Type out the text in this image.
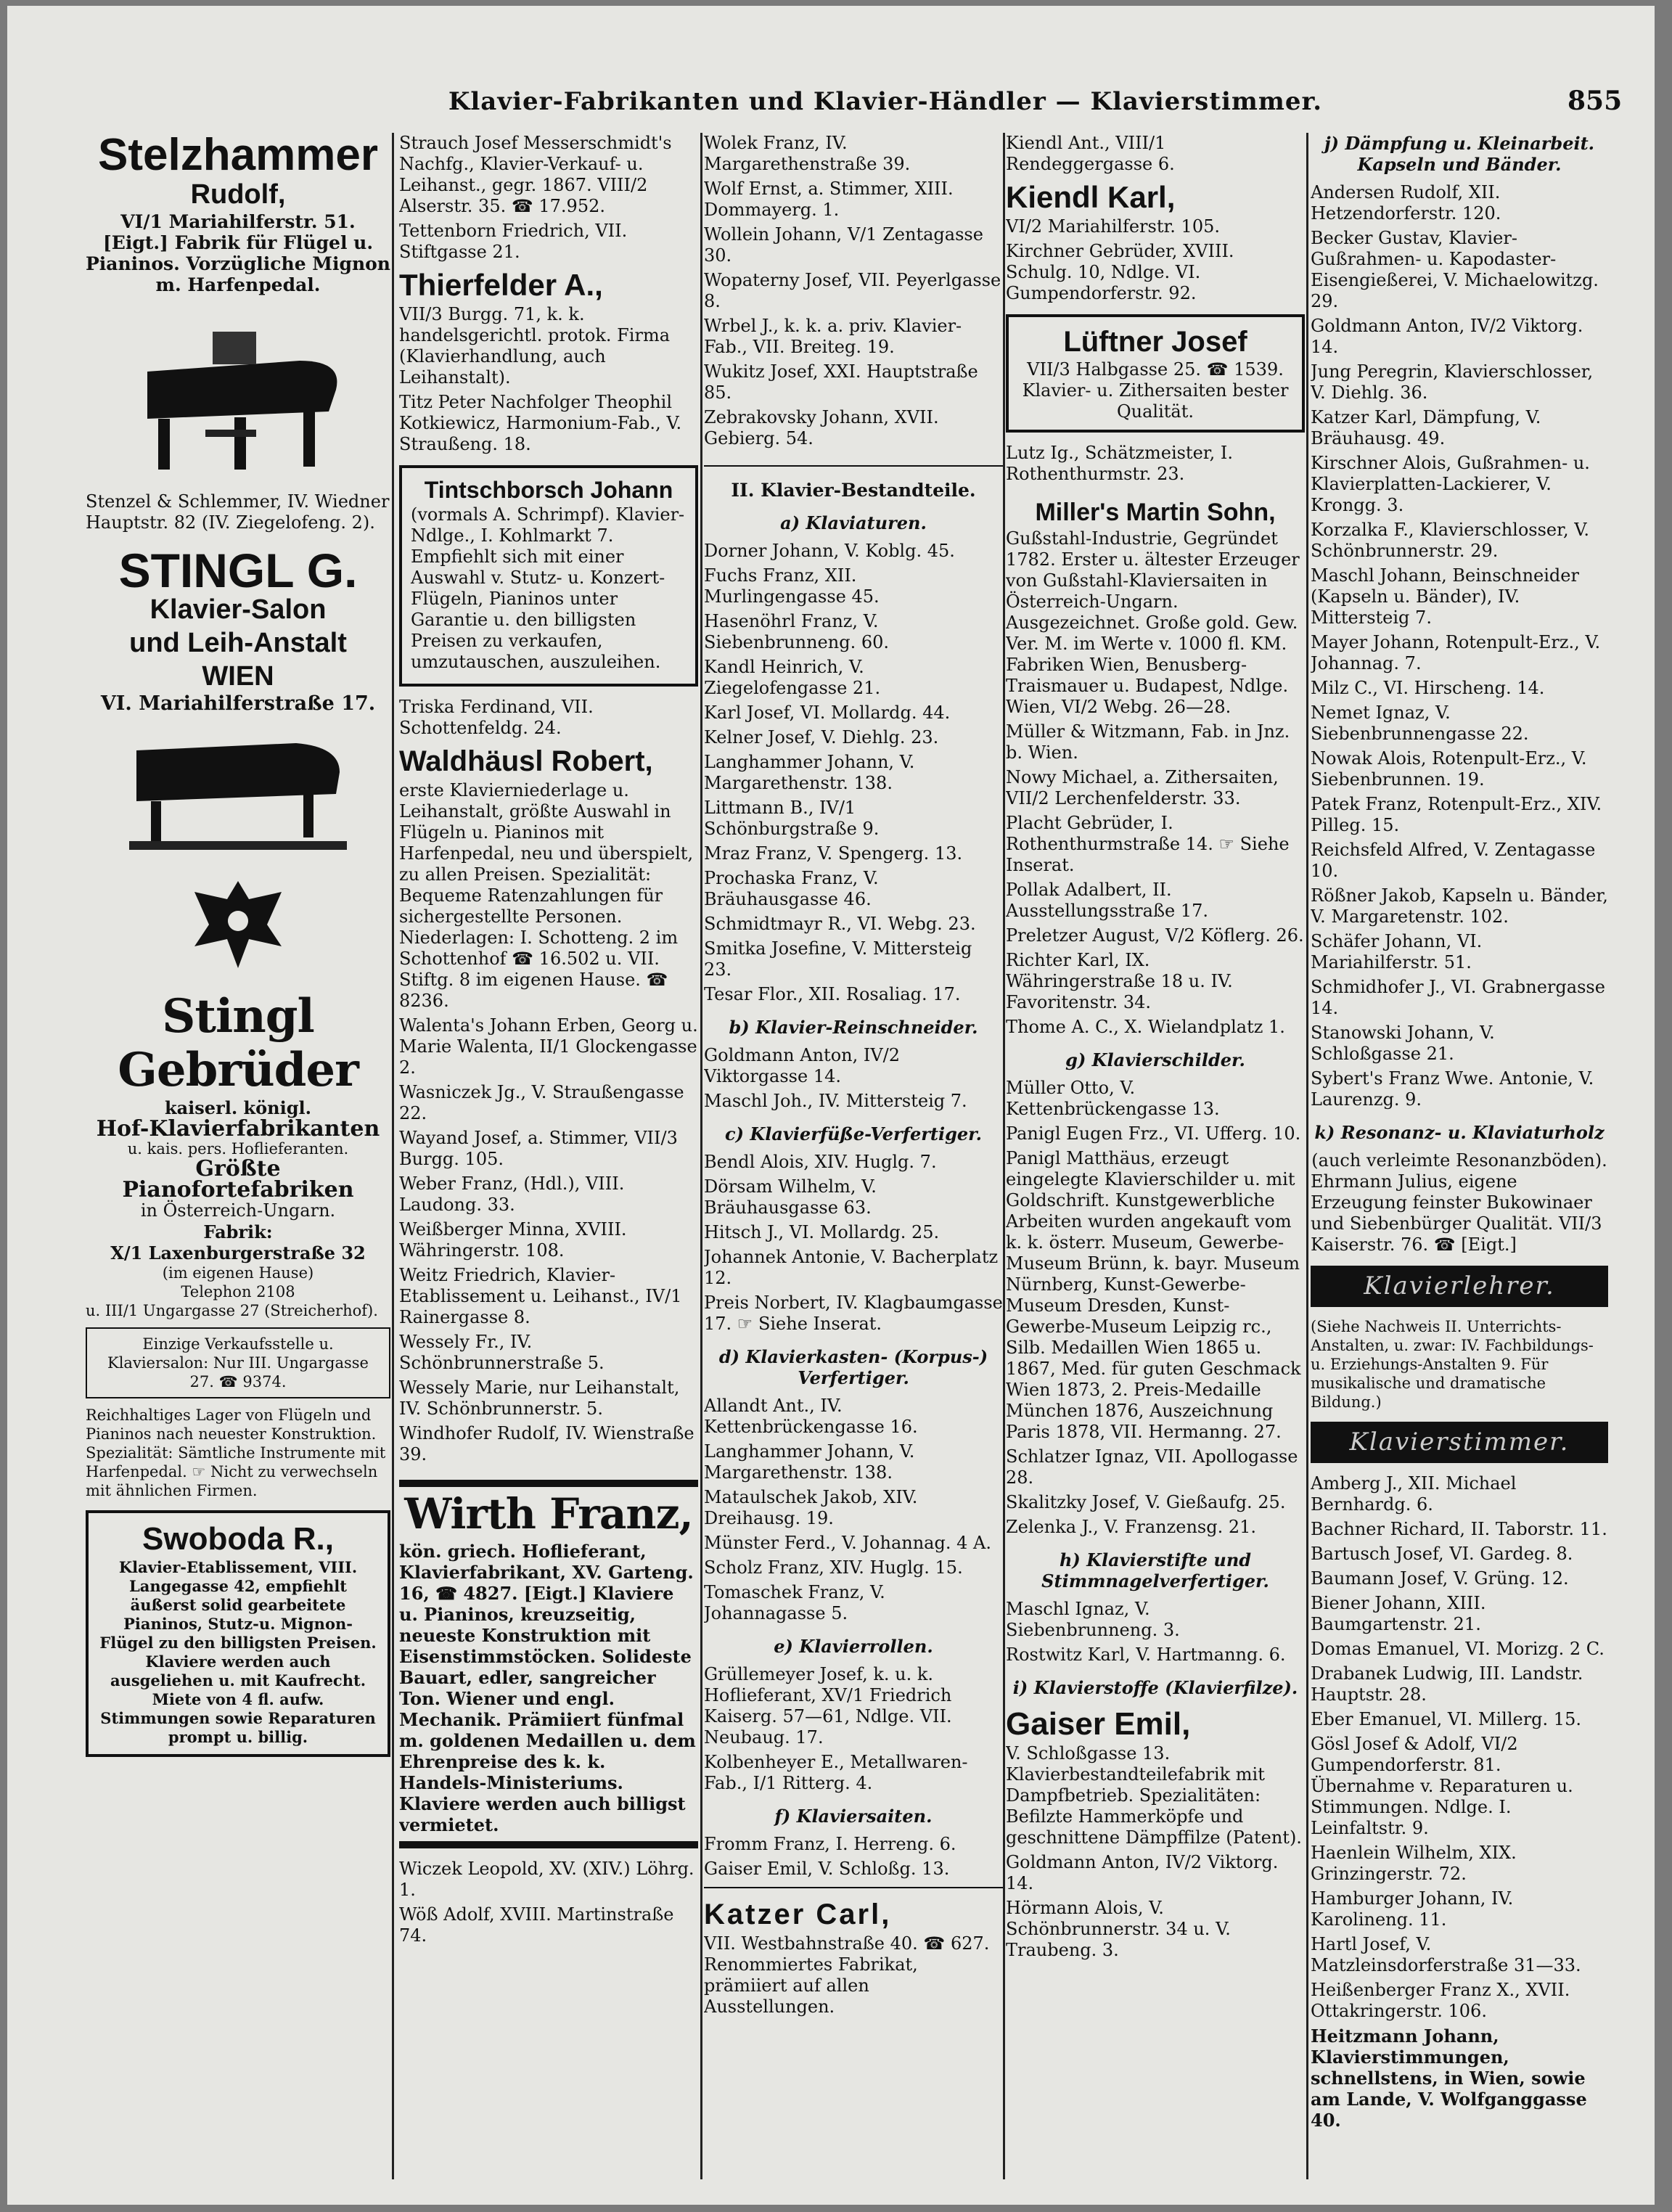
Klavier-Fabrikanten und Klavier-Händler — Klavierstimmer.	855
Stelzhammer
Rudolf,
VI/1 Mariahilferstr. 51. [Eigt.] Fabrik für Flügel u. Pianinos. Vorzügliche Mignon m. Harfenpedal.
Stenzel & Schlemmer, IV. Wiedner Hauptstr. 82 (IV. Ziegelofeng. 2).
STINGL G.
Klavier-Salon
und Leih-Anstalt
WIEN
VI. Mariahilferstraße 17.
Stingl Gebrüder
kaiserl. königl.
Hof-Klavierfabrikanten
u. kais. pers. Hoflieferanten.
Größte Pianofortefabriken
in Österreich-Ungarn.
Fabrik:
X/1 Laxenburgerstraße 32
(im eigenen Hause)
Telephon 2108
u. III/1 Ungargasse 27 (Streicherhof).
Einzige Verkaufsstelle u. Klaviersalon: Nur III. Ungargasse 27. ☎ 9374.
Reichhaltiges Lager von Flügeln und Pianinos nach neuester Konstruktion. Spezialität: Sämtliche Instrumente mit Harfenpedal. ☞ Nicht zu verwechseln mit ähnlichen Firmen.
Swoboda R.,
Klavier-Etablissement, VIII. Langegasse 42, empfiehlt äußerst solid gearbeitete Pianinos, Stutz-u. Mignon-Flügel zu den billigsten Preisen. Klaviere werden auch ausgeliehen u. mit Kaufrecht. Miete von 4 fl. aufw. Stimmungen sowie Reparaturen prompt u. billig.
Strauch Josef Messerschmidt's Nachfg., Klavier-Verkauf- u. Leihanst., gegr. 1867. VIII/2 Alserstr. 35. ☎ 17.952.
Tettenborn Friedrich, VII. Stiftgasse 21.
Thierfelder A.,
VII/3 Burgg. 71, k. k. handelsgerichtl. protok. Firma (Klavierhandlung, auch Leihanstalt).
Titz Peter Nachfolger Theophil Kotkiewicz, Harmonium-Fab., V. Straußeng. 18.
Tintschborsch Johann
(vormals A. Schrimpf). Klavier-Ndlge., I. Kohlmarkt 7. Empfiehlt sich mit einer Auswahl v. Stutz- u. Konzert-Flügeln, Pianinos unter Garantie u. den billigsten Preisen zu verkaufen, umzutauschen, auszuleihen.
Triska Ferdinand, VII. Schottenfeldg. 24.
Waldhäusl Robert,
erste Klavierniederlage u. Leihanstalt, größte Auswahl in Flügeln u. Pianinos mit Harfenpedal, neu und überspielt, zu allen Preisen. Spezialität: Bequeme Ratenzahlungen für sichergestellte Personen. Niederlagen: I. Schotteng. 2 im Schottenhof ☎ 16.502 u. VII. Stiftg. 8 im eigenen Hause. ☎ 8236.
Walenta's Johann Erben, Georg u. Marie Walenta, II/1 Glockengasse 2.
Wasniczek Jg., V. Straußengasse 22.
Wayand Josef, a. Stimmer, VII/3 Burgg. 105.
Weber Franz, (Hdl.), VIII. Laudong. 33.
Weißberger Minna, XVIII. Währingerstr. 108.
Weitz Friedrich, Klavier-Etablissement u. Leihanst., IV/1 Rainergasse 8.
Wessely Fr., IV. Schönbrunnerstraße 5.
Wessely Marie, nur Leihanstalt, IV. Schönbrunnerstr. 5.
Windhofer Rudolf, IV. Wienstraße 39.
Wirth Franz,
kön. griech. Hoflieferant, Klavierfabrikant, XV. Garteng. 16, ☎ 4827. [Eigt.] Klaviere u. Pianinos, kreuzseitig, neueste Konstruktion mit Eisenstimmstöcken. Solideste Bauart, edler, sangreicher Ton. Wiener und engl. Mechanik. Prämiiert fünfmal m. goldenen Medaillen u. dem Ehrenpreise des k. k. Handels-Ministeriums. Klaviere werden auch billigst vermietet.
Wiczek Leopold, XV. (XIV.) Löhrg. 1.
Wöß Adolf, XVIII. Martinstraße 74.
Wolek Franz, IV. Margarethenstraße 39.
Wolf Ernst, a. Stimmer, XIII. Dommayerg. 1.
Wollein Johann, V/1 Zentagasse 30.
Wopaterny Josef, VII. Peyerlgasse 8.
Wrbel J., k. k. a. priv. Klavier-Fab., VII. Breiteg. 19.
Wukitz Josef, XXI. Hauptstraße 85.
Zebrakovsky Johann, XVII. Gebierg. 54.
II. Klavier-Bestandteile.
a) Klaviaturen.
Dorner Johann, V. Koblg. 45.
Fuchs Franz, XII. Murlingengasse 45.
Hasenöhrl Franz, V. Siebenbrunneng. 60.
Kandl Heinrich, V. Ziegelofengasse 21.
Karl Josef, VI. Mollardg. 44.
Kelner Josef, V. Diehlg. 23.
Langhammer Johann, V. Margarethenstr. 138.
Littmann B., IV/1 Schönburgstraße 9.
Mraz Franz, V. Spengerg. 13.
Prochaska Franz, V. Bräuhausgasse 46.
Schmidtmayr R., VI. Webg. 23.
Smitka Josefine, V. Mittersteig 23.
Tesar Flor., XII. Rosaliag. 17.
b) Klavier-Reinschneider.
Goldmann Anton, IV/2 Viktorgasse 14.
Maschl Joh., IV. Mittersteig 7.
c) Klavierfüße-Verfertiger.
Bendl Alois, XIV. Huglg. 7.
Dörsam Wilhelm, V. Bräuhausgasse 63.
Hitsch J., VI. Mollardg. 25.
Johannek Antonie, V. Bacherplatz 12.
Preis Norbert, IV. Klagbaumgasse 17. ☞ Siehe Inserat.
d) Klavierkasten- (Korpus-) Verfertiger.
Allandt Ant., IV. Kettenbrückengasse 16.
Langhammer Johann, V. Margarethenstr. 138.
Mataulschek Jakob, XIV. Dreihausg. 19.
Münster Ferd., V. Johannag. 4 A.
Scholz Franz, XIV. Huglg. 15.
Tomaschek Franz, V. Johannagasse 5.
e) Klavierrollen.
Grüllemeyer Josef, k. u. k. Hoflieferant, XV/1 Friedrich Kaiserg. 57—61, Ndlge. VII. Neubaug. 17.
Kolbenheyer E., Metallwaren-Fab., I/1 Ritterg. 4.
f) Klaviersaiten.
Fromm Franz, I. Herreng. 6.
Gaiser Emil, V. Schloßg. 13.
Katzer Carl,
VII. Westbahnstraße 40. ☎ 627. Renommiertes Fabrikat, prämiiert auf allen Ausstellungen.
Kiendl Ant., VIII/1 Rendeggergasse 6.
Kiendl Karl,
VI/2 Mariahilferstr. 105.
Kirchner Gebrüder, XVIII. Schulg. 10, Ndlge. VI. Gumpendorferstr. 92.
Lüftner Josef
VII/3 Halbgasse 25. ☎ 1539. Klavier- u. Zithersaiten bester Qualität.
Lutz Ig., Schätzmeister, I. Rothenthurmstr. 23.
Miller's Martin Sohn,
Gußstahl-Industrie, Gegründet 1782. Erster u. ältester Erzeuger von Gußstahl-Klaviersaiten in Österreich-Ungarn. Ausgezeichnet. Große gold. Gew. Ver. M. im Werte v. 1000 fl. KM. Fabriken Wien, Benusberg-Traismauer u. Budapest, Ndlge. Wien, VI/2 Webg. 26—28.
Müller & Witzmann, Fab. in Jnz. b. Wien.
Nowy Michael, a. Zithersaiten, VII/2 Lerchenfelderstr. 33.
Placht Gebrüder, I. Rothenthurmstraße 14. ☞ Siehe Inserat.
Pollak Adalbert, II. Ausstellungsstraße 17.
Preletzer August, V/2 Köflerg. 26.
Richter Karl, IX. Währingerstraße 18 u. IV. Favoritenstr. 34.
Thome A. C., X. Wielandplatz 1.
g) Klavierschilder.
Müller Otto, V. Kettenbrückengasse 13.
Panigl Eugen Frz., VI. Ufferg. 10.
Panigl Matthäus, erzeugt eingelegte Klavierschilder u. mit Goldschrift. Kunstgewerbliche Arbeiten wurden angekauft vom k. k. österr. Museum, Gewerbe-Museum Brünn, k. bayr. Museum Nürnberg, Kunst-Gewerbe-Museum Dresden, Kunst-Gewerbe-Museum Leipzig rc., Silb. Medaillen Wien 1865 u. 1867, Med. für guten Geschmack Wien 1873, 2. Preis-Medaille München 1876, Auszeichnung Paris 1878, VII. Hermanng. 27.
Schlatzer Ignaz, VII. Apollogasse 28.
Skalitzky Josef, V. Gießaufg. 25.
Zelenka J., V. Franzensg. 21.
h) Klavierstifte und Stimmnagelverfertiger.
Maschl Ignaz, V. Siebenbrunneng. 3.
Rostwitz Karl, V. Hartmanng. 6.
i) Klavierstoffe (Klavierfilze).
Gaiser Emil,
V. Schloßgasse 13. Klavierbestandteilefabrik mit Dampfbetrieb. Spezialitäten: Befilzte Hammerköpfe und geschnittene Dämpffilze (Patent).
Goldmann Anton, IV/2 Viktorg. 14.
Hörmann Alois, V. Schönbrunnerstr. 34 u. V. Traubeng. 3.
j) Dämpfung u. Kleinarbeit. Kapseln und Bänder.
Andersen Rudolf, XII. Hetzendorferstr. 120.
Becker Gustav, Klavier-Gußrahmen- u. Kapodaster-Eisengießerei, V. Michaelowitzg. 29.
Goldmann Anton, IV/2 Viktorg. 14.
Jung Peregrin, Klavierschlosser, V. Diehlg. 36.
Katzer Karl, Dämpfung, V. Bräuhausg. 49.
Kirschner Alois, Gußrahmen- u. Klavierplatten-Lackierer, V. Krongg. 3.
Korzalka F., Klavierschlosser, V. Schönbrunnerstr. 29.
Maschl Johann, Beinschneider (Kapseln u. Bänder), IV. Mittersteig 7.
Mayer Johann, Rotenpult-Erz., V. Johannag. 7.
Milz C., VI. Hirscheng. 14.
Nemet Ignaz, V. Siebenbrunnengasse 22.
Nowak Alois, Rotenpult-Erz., V. Siebenbrunnen. 19.
Patek Franz, Rotenpult-Erz., XIV. Pilleg. 15.
Reichsfeld Alfred, V. Zentagasse 10.
Rößner Jakob, Kapseln u. Bänder, V. Margaretenstr. 102.
Schäfer Johann, VI. Mariahilferstr. 51.
Schmidhofer J., VI. Grabnergasse 14.
Stanowski Johann, V. Schloßgasse 21.
Sybert's Franz Wwe. Antonie, V. Laurenzg. 9.
k) Resonanz- u. Klaviaturholz
(auch verleimte Resonanzböden).
Ehrmann Julius, eigene Erzeugung feinster Bukowinaer und Siebenbürger Qualität. VII/3 Kaiserstr. 76. ☎ [Eigt.]
Klavierlehrer.
(Siehe Nachweis II. Unterrichts-Anstalten, u. zwar: IV. Fachbildungs- u. Erziehungs-Anstalten 9. Für musikalische und dramatische Bildung.)
Klavierstimmer.
Amberg J., XII. Michael Bernhardg. 6.
Bachner Richard, II. Taborstr. 11.
Bartusch Josef, VI. Gardeg. 8.
Baumann Josef, V. Grüng. 12.
Biener Johann, XIII. Baumgartenstr. 21.
Domas Emanuel, VI. Morizg. 2 C.
Drabanek Ludwig, III. Landstr. Hauptstr. 28.
Eber Emanuel, VI. Millerg. 15.
Gösl Josef & Adolf, VI/2 Gumpendorferstr. 81. Übernahme v. Reparaturen u. Stimmungen. Ndlge. I. Leinfaltstr. 9.
Haenlein Wilhelm, XIX. Grinzingerstr. 72.
Hamburger Johann, IV. Karolineng. 11.
Hartl Josef, V. Matzleinsdorferstraße 31—33.
Heißenberger Franz X., XVII. Ottakringerstr. 106.
Heitzmann Johann, Klavierstimmungen, schnellstens, in Wien, sowie am Lande, V. Wolfganggasse 40.
